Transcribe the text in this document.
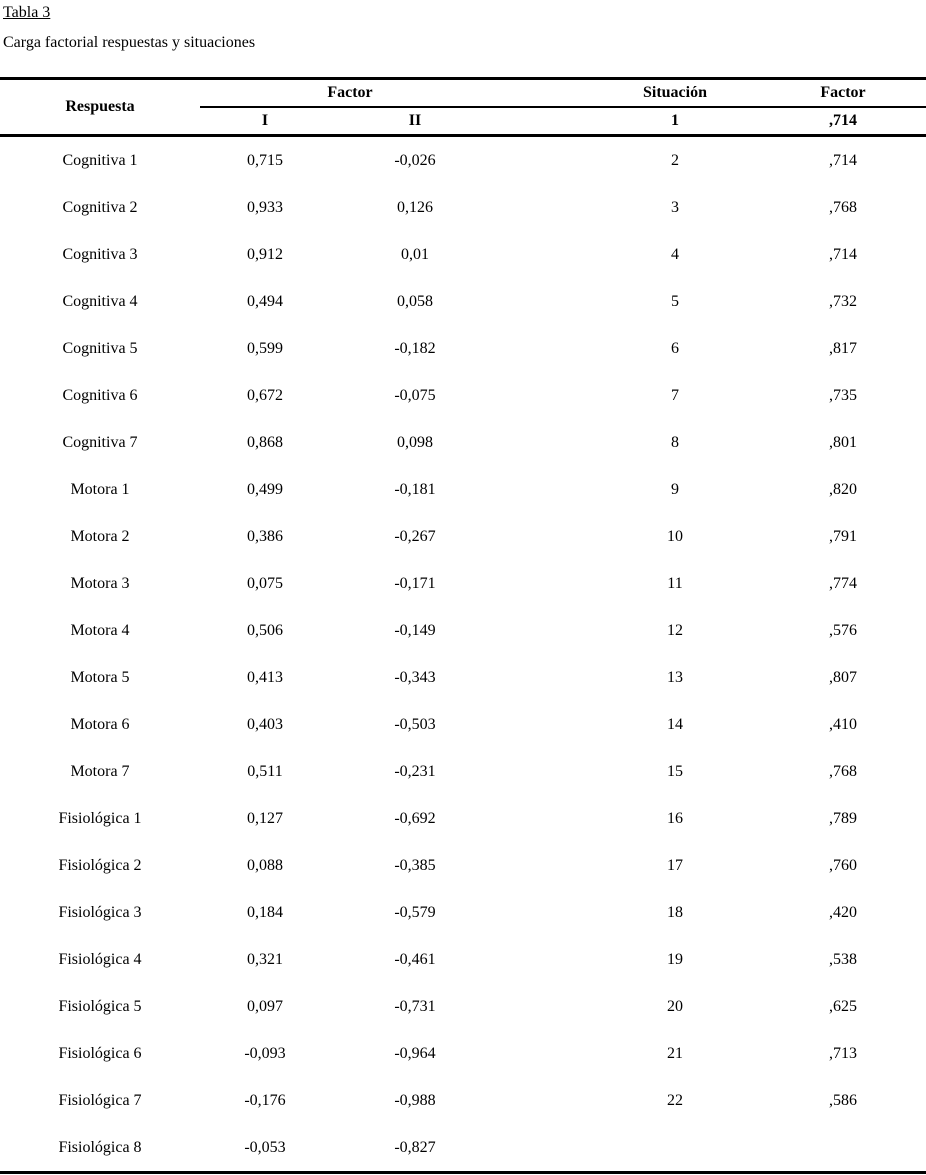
Tabla 3
Carga factorial respuestas y situaciones
Respuesta	Factor			Situación	Factor
	I	II		1	,714
Cognitiva 1	0,715	-0,026		2	,714
Cognitiva 2	0,933	0,126		3	,768
Cognitiva 3	0,912	0,01		4	,714
Cognitiva 4	0,494	0,058		5	,732
Cognitiva 5	0,599	-0,182		6	,817
Cognitiva 6	0,672	-0,075		7	,735
Cognitiva 7	0,868	0,098		8	,801
Motora 1	0,499	-0,181		9	,820
Motora 2	0,386	-0,267		10	,791
Motora 3	0,075	-0,171		11	,774
Motora 4	0,506	-0,149		12	,576
Motora 5	0,413	-0,343		13	,807
Motora 6	0,403	-0,503		14	,410
Motora 7	0,511	-0,231		15	,768
Fisiológica 1	0,127	-0,692		16	,789
Fisiológica 2	0,088	-0,385		17	,760
Fisiológica 3	0,184	-0,579		18	,420
Fisiológica 4	0,321	-0,461		19	,538
Fisiológica 5	0,097	-0,731		20	,625
Fisiológica 6	-0,093	-0,964		21	,713
Fisiológica 7	-0,176	-0,988		22	,586
Fisiológica 8	-0,053	-0,827			
